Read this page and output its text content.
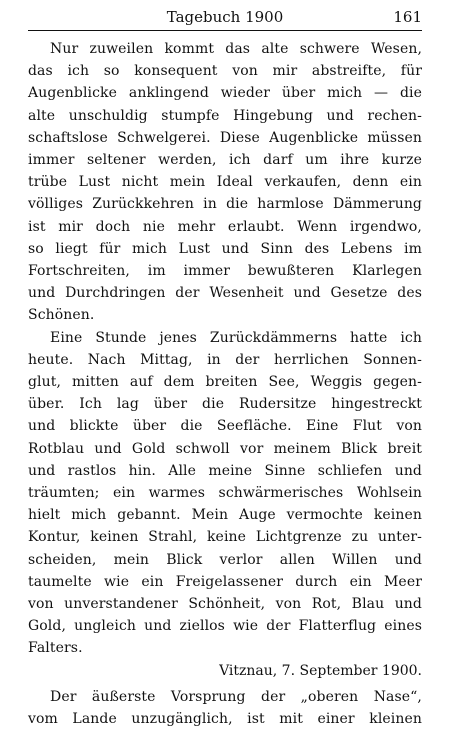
Tagebuch 1900	161
Nur zuweilen kommt das alte schwere Wesen,
das ich so konsequent von mir abstreifte, für
Augenblicke anklingend wieder über mich — die
alte unschuldig stumpfe Hingebung und rechen-
schaftslose Schwelgerei. Diese Augenblicke müssen
immer seltener werden, ich darf um ihre kurze
trübe Lust nicht mein Ideal verkaufen, denn ein
völliges Zurückkehren in die harmlose Dämmerung
ist mir doch nie mehr erlaubt. Wenn irgendwo,
so liegt für mich Lust und Sinn des Lebens im
Fortschreiten, im immer bewußteren Klarlegen
und Durchdringen der Wesenheit und Gesetze des
Schönen.
Eine Stunde jenes Zurückdämmerns hatte ich
heute. Nach Mittag, in der herrlichen Sonnen-
glut, mitten auf dem breiten See, Weggis gegen-
über. Ich lag über die Rudersitze hingestreckt
und blickte über die Seefläche. Eine Flut von
Rotblau und Gold schwoll vor meinem Blick breit
und rastlos hin. Alle meine Sinne schliefen und
träumten; ein warmes schwärmerisches Wohlsein
hielt mich gebannt. Mein Auge vermochte keinen
Kontur, keinen Strahl, keine Lichtgrenze zu unter-
scheiden, mein Blick verlor allen Willen und
taumelte wie ein Freigelassener durch ein Meer
von unverstandener Schönheit, von Rot, Blau und
Gold, ungleich und ziellos wie der Flatterflug eines
Falters.
Vitznau, 7. September 1900.
Der äußerste Vorsprung der „oberen Nase“,
vom Lande unzugänglich, ist mit einer kleinen
